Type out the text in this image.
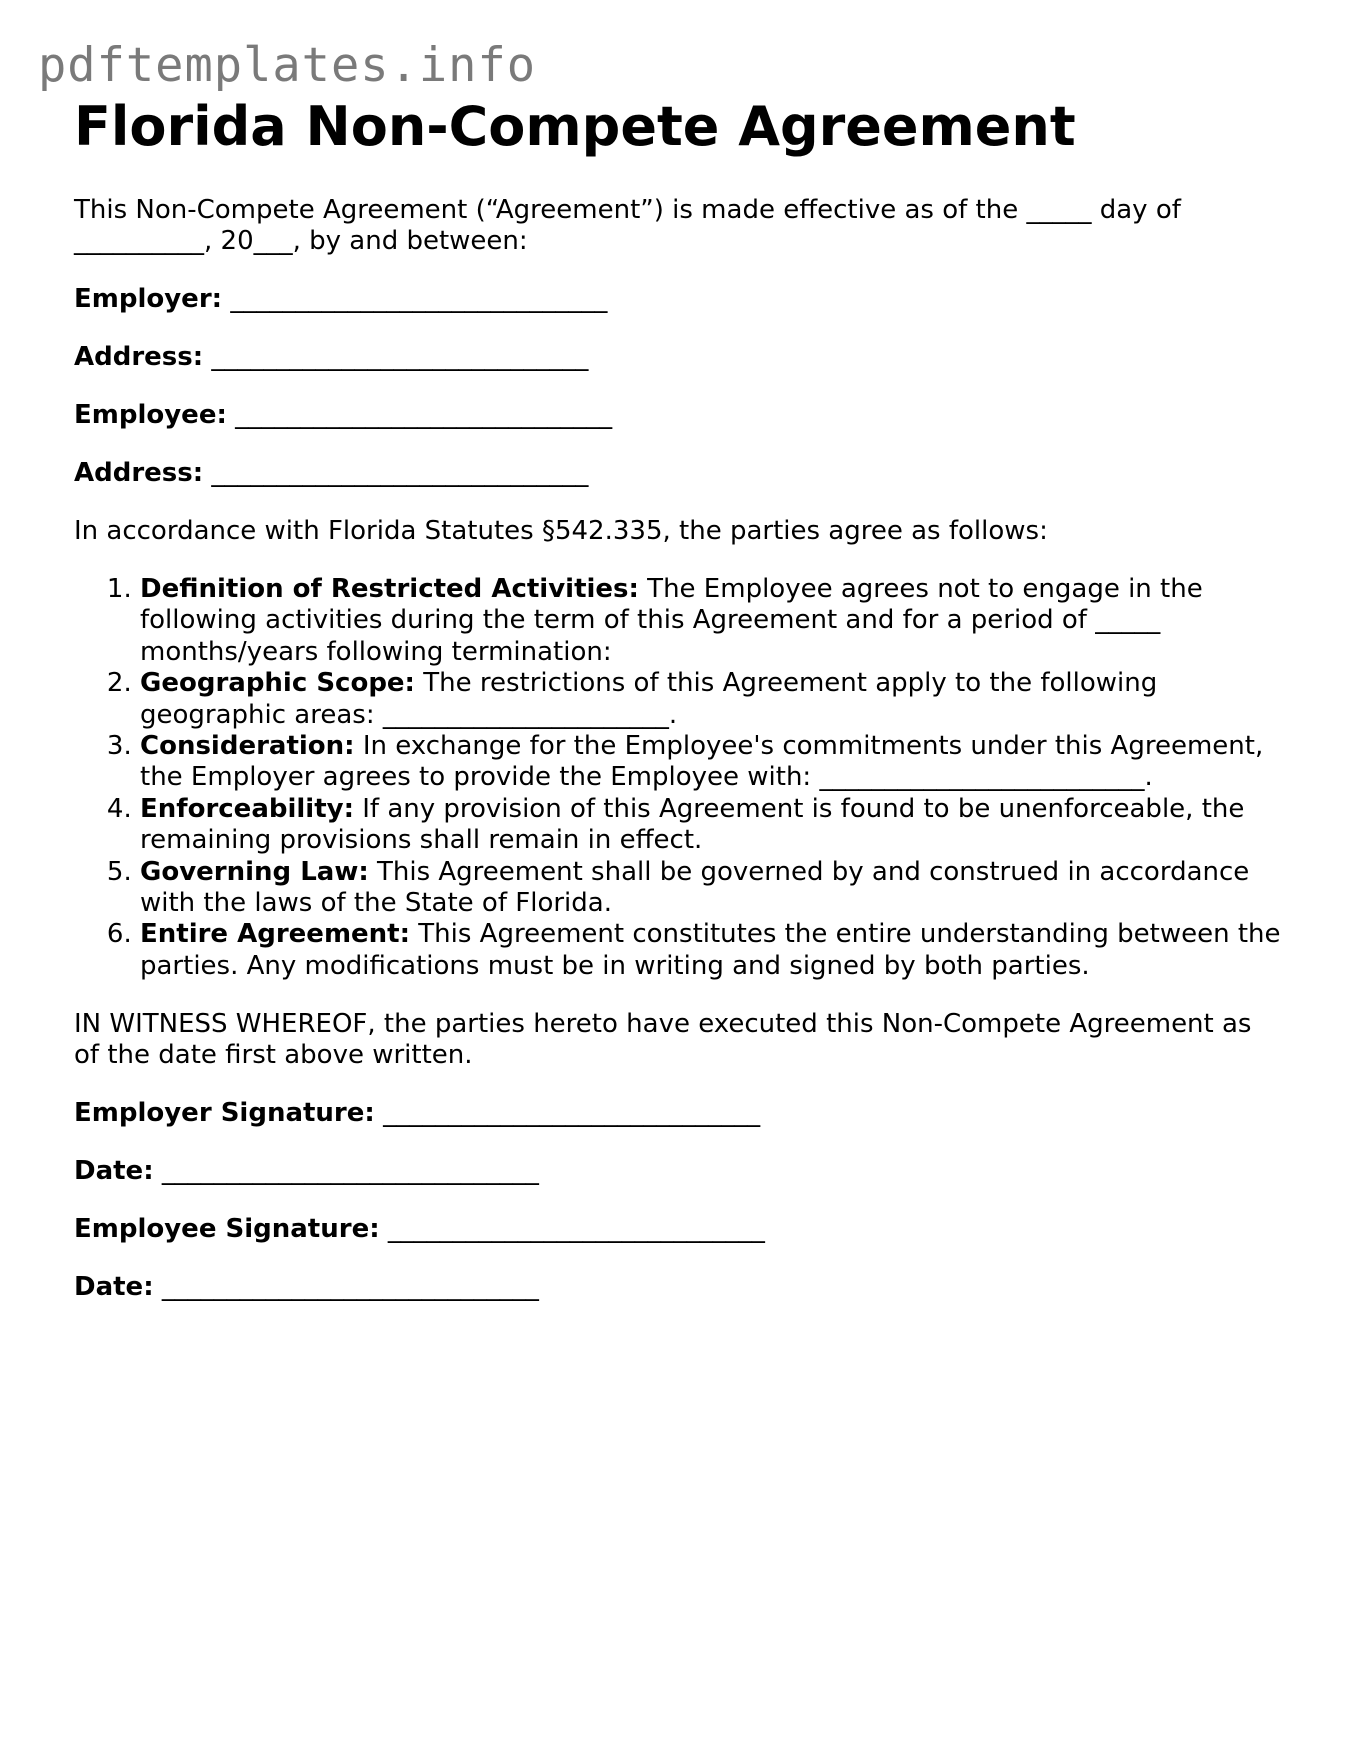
pdftemplates.info
Florida Non-Compete Agreement

This Non-Compete Agreement (“Agreement”) is made effective as of the _____ day of __________, 20___, by and between:

Employer: _____________________________

Address: _____________________________

Employee: _____________________________

Address: _____________________________

In accordance with Florida Statutes §542.335, the parties agree as follows:

1. Definition of Restricted Activities: The Employee agrees not to engage in the following activities during the term of this Agreement and for a period of _____ months/years following termination:
2. Geographic Scope: The restrictions of this Agreement apply to the following geographic areas: ______________________.
3. Consideration: In exchange for the Employee's commitments under this Agreement, the Employer agrees to provide the Employee with: _________________________.
4. Enforceability: If any provision of this Agreement is found to be unenforceable, the remaining provisions shall remain in effect.
5. Governing Law: This Agreement shall be governed by and construed in accordance with the laws of the State of Florida.
6. Entire Agreement: This Agreement constitutes the entire understanding between the parties. Any modifications must be in writing and signed by both parties.

IN WITNESS WHEREOF, the parties hereto have executed this Non-Compete Agreement as of the date first above written.

Employer Signature: _____________________________

Date: _____________________________

Employee Signature: _____________________________

Date: _____________________________
